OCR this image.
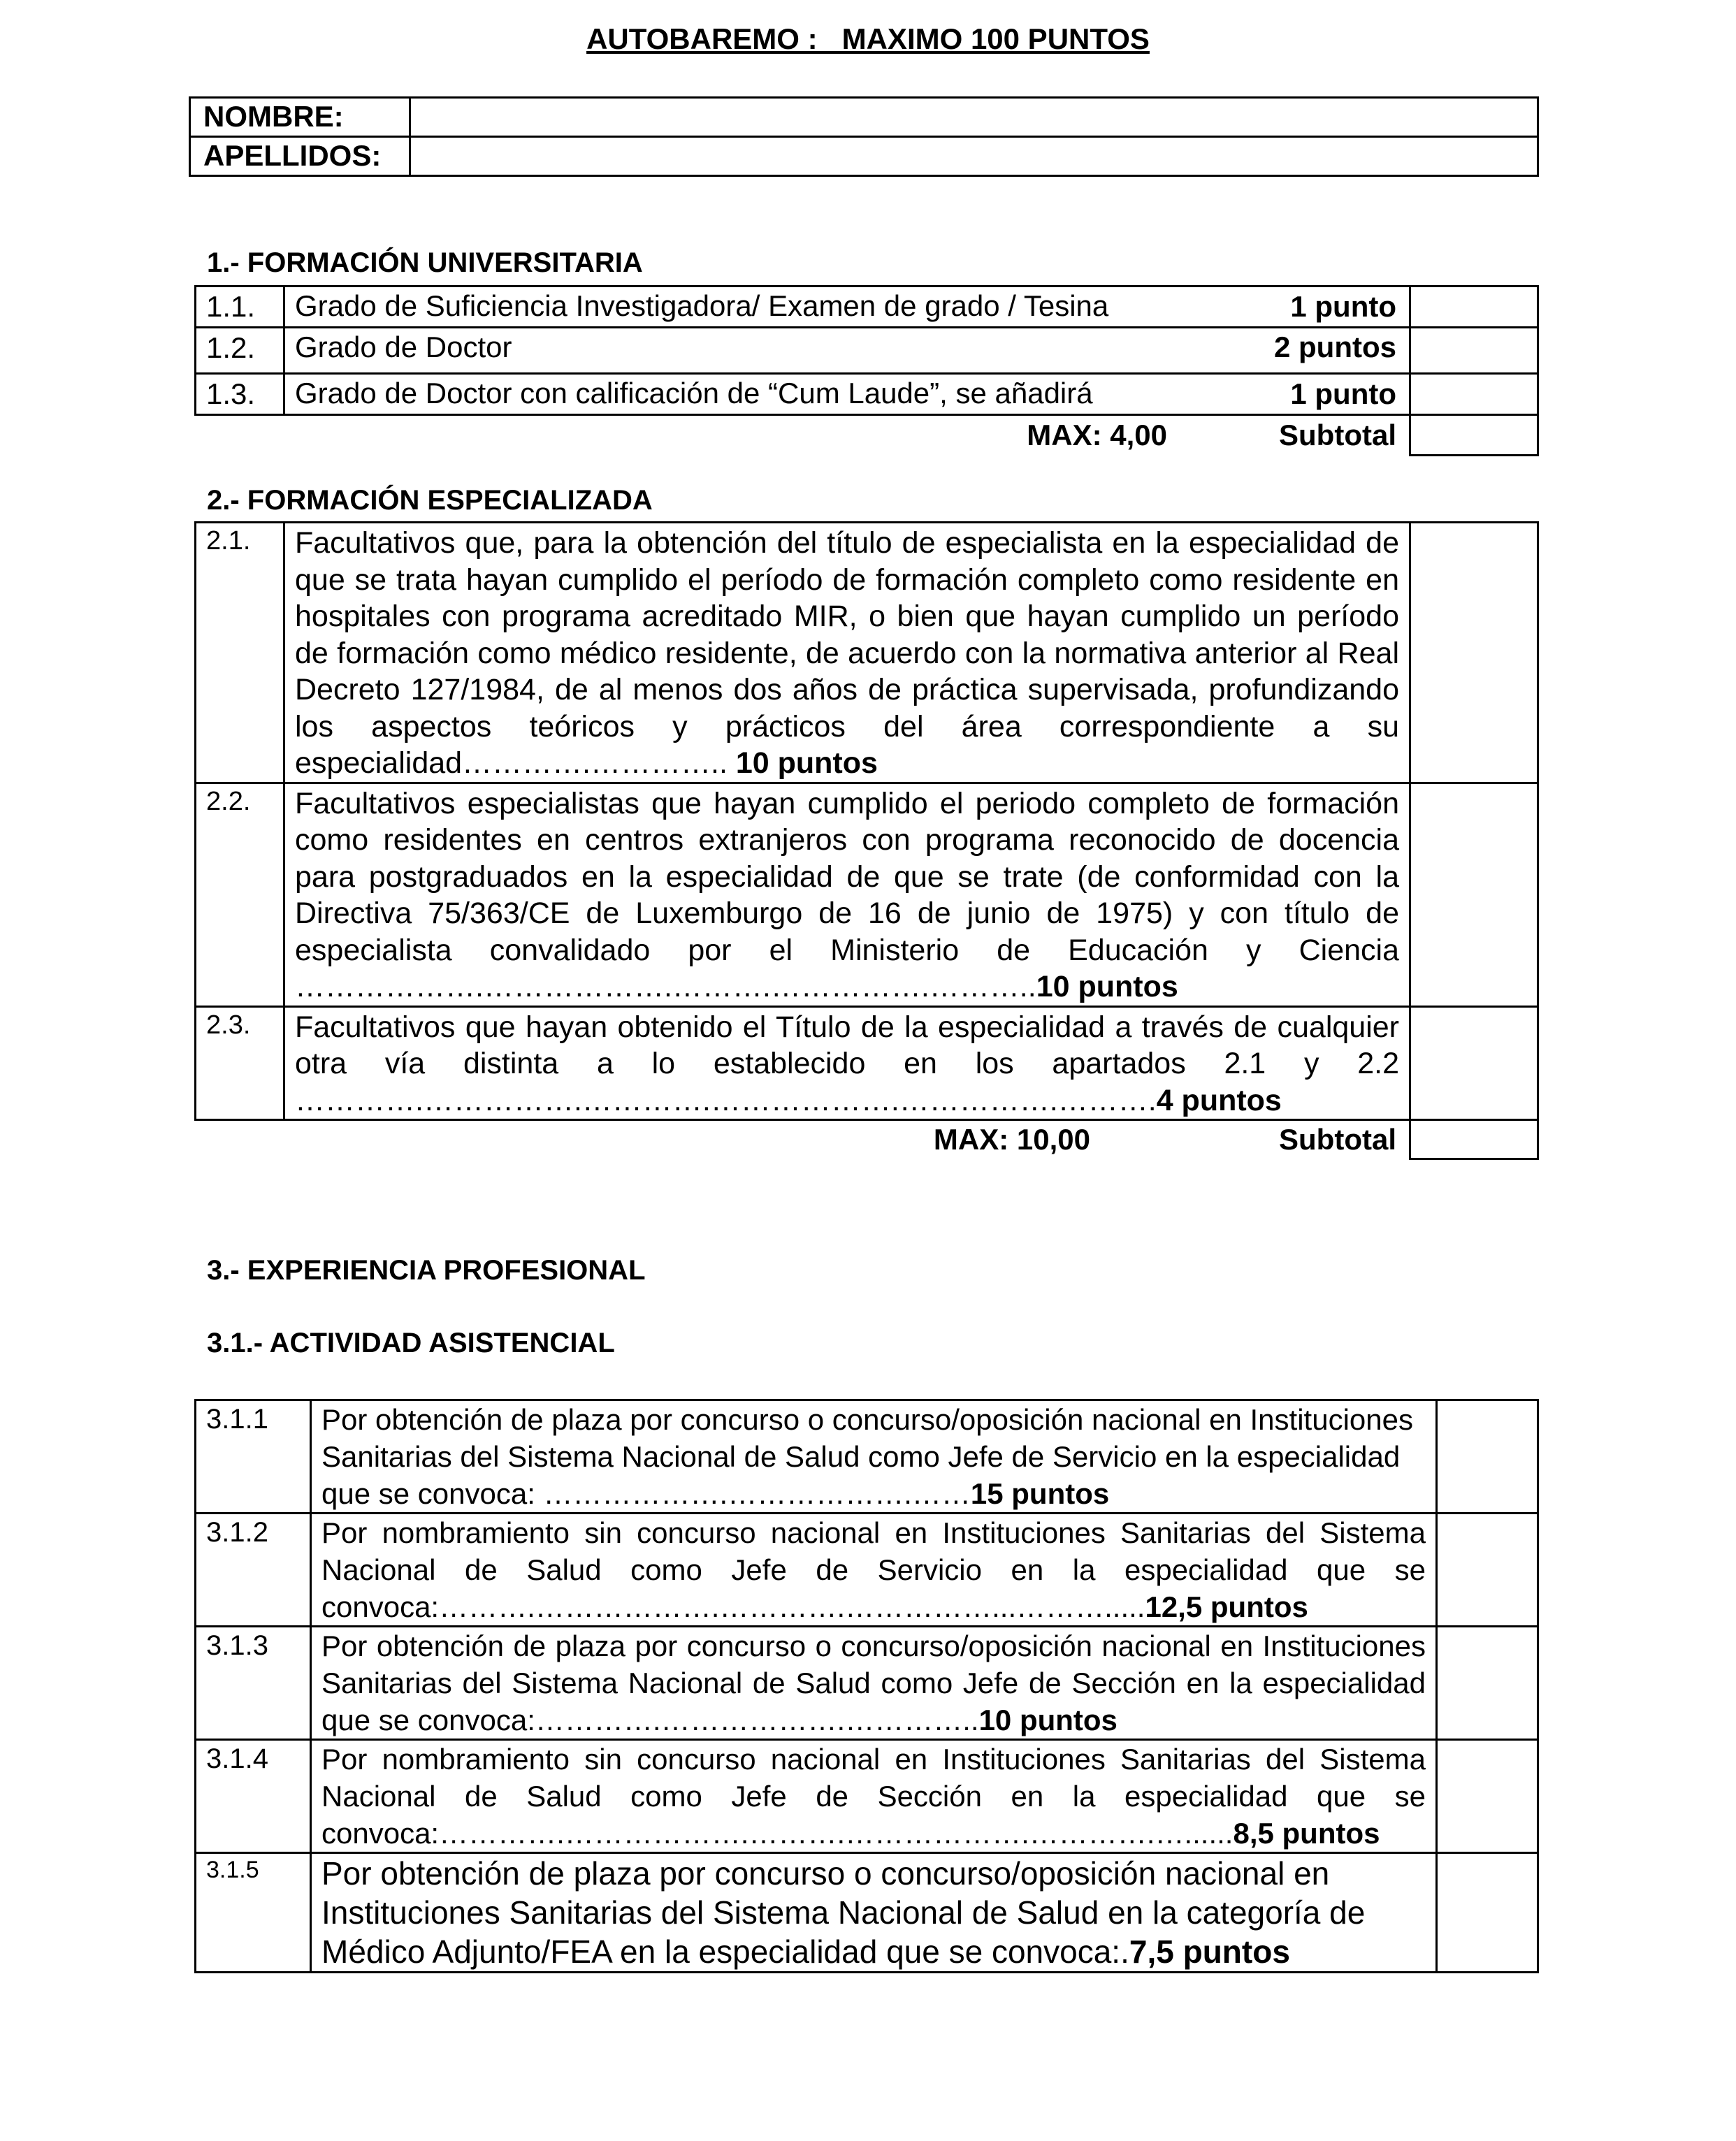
AUTOBAREMO :   MAXIMO 100 PUNTOS
NOMBRE:	
APELLIDOS:	
1.- FORMACIÓN UNIVERSITARIA
1.1.	Grado de Suficiencia Investigadora/ Examen de grado / Tesina	1 punto	
1.2.	Grado de Doctor	2 puntos	
1.3.	Grado de Doctor con calificación de “Cum Laude”, se añadirá	1 punto	
	MAX: 4,00	Subtotal	
2.- FORMACIÓN ESPECIALIZADA
2.1.	Facultativos que, para la obtención del título de especialista en la especialidad de que se trata hayan cumplido el período de formación completo como residente en hospitales con programa acreditado MIR, o bien que hayan cumplido un período de formación como médico residente, de acuerdo con la normativa anterior al Real Decreto 127/1984, de al menos dos años de práctica supervisada, profundizando los aspectos teóricos y prácticos del área correspondiente a su especialidad………….………….. 10 puntos		
2.2.	Facultativos especialistas que hayan cumplido el periodo completo de formación como residentes en centros extranjeros con programa reconocido de docencia para postgraduados en la especialidad de que se trate (de conformidad con la Directiva 75/363/CE de Luxemburgo de 16 de junio de 1975) y con título de especialista convalidado por el Ministerio de Educación y Ciencia ……………….……………….……….…………….………..10 puntos		
2.3.	Facultativos que hayan obtenido el Título de la especialidad a través de cualquier otra vía distinta a lo establecido en los apartados 2.1 y 2.2 ………….…………….………….……………….…………….……….4 puntos		
	MAX: 10,00	Subtotal	
3.- EXPERIENCIA PROFESIONAL
3.1.- ACTIVIDAD ASISTENCIAL
3.1.1	Por obtención de plaza por concurso o concurso/oposición nacional en Instituciones Sanitarias del Sistema Nacional de Salud como Jefe de Servicio en la especialidad que se convoca: ……………….……………….……15 puntos	
3.1.2	Por nombramiento sin concurso nacional en Instituciones Sanitarias del Sistema Nacional de Salud como Jefe de Servicio en la especialidad que se convoca:……….……………….………….……………...……….....12,5 puntos	
3.1.3	Por obtención de plaza por concurso o concurso/oposición nacional en Instituciones Sanitarias del Sistema Nacional de Salud como Jefe de Sección en la especialidad que se convoca:………….……………….…………..10 puntos	
3.1.4	Por nombramiento sin concurso nacional en Instituciones Sanitarias del Sistema Nacional de Salud como Jefe de Sección en la especialidad que se convoca:………….……………….……….……………….………….…......8,5 puntos	
3.1.5	Por obtención de plaza por concurso o concurso/oposición nacional en Instituciones Sanitarias del Sistema Nacional de Salud en la categoría de Médico Adjunto/FEA en la especialidad que se convoca:.7,5 puntos	
